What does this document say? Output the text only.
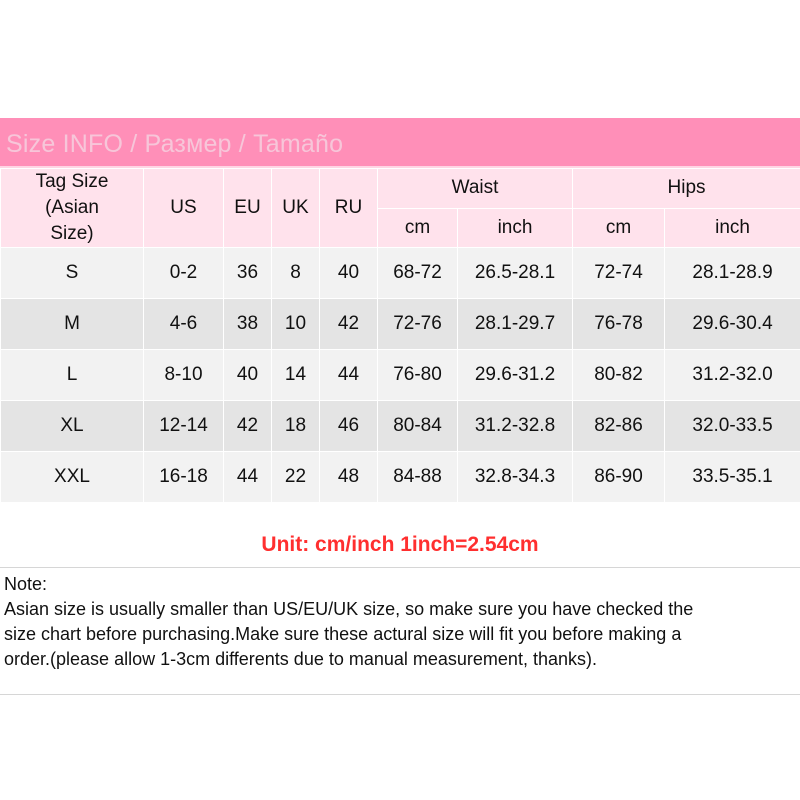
Size INFO / Размер / Tamaño
Tag Size
(Asian
Size)	US	EU	UK	RU	Waist		Hips	
					cm	inch	cm	inch
S	0-2	36	8	40	68-72	26.5-28.1	72-74	28.1-28.9
M	4-6	38	10	42	72-76	28.1-29.7	76-78	29.6-30.4
L	8-10	40	14	44	76-80	29.6-31.2	80-82	31.2-32.0
XL	12-14	42	18	46	80-84	31.2-32.8	82-86	32.0-33.5
XXL	16-18	44	22	48	84-88	32.8-34.3	86-90	33.5-35.1
Unit: cm/inch 1inch=2.54cm
Note:
Asian size is usually smaller than US/EU/UK size, so make sure you have checked the
size chart before purchasing.Make sure these actural size will fit you before making a
order.(please allow 1-3cm differents due to manual measurement, thanks).
